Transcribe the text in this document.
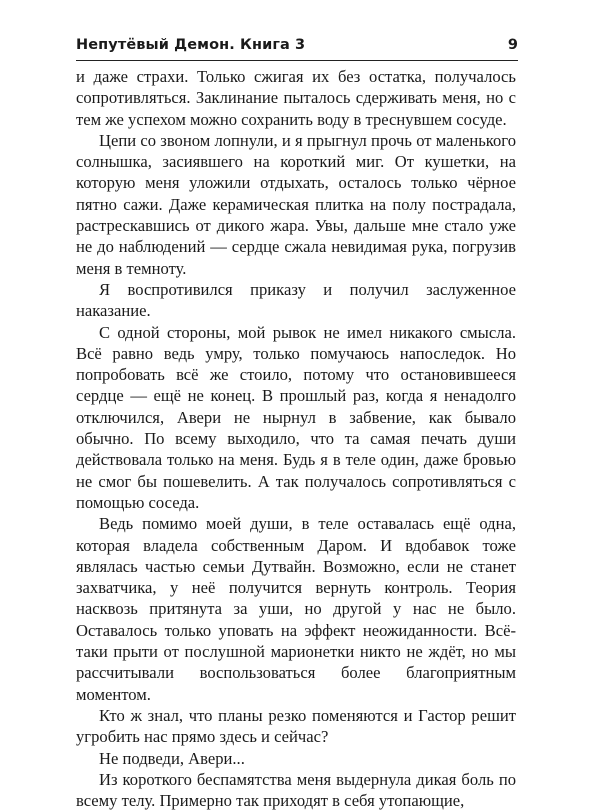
Непутёвый Демон. Книга 3	9

и даже страхи. Только сжигая их без остатка, получалось сопротивляться. Заклинание пыталось сдерживать меня, но с тем же успехом можно сохранить воду в треснувшем сосуде.

Цепи со звоном лопнули, и я прыгнул прочь от маленького солнышка, засиявшего на короткий миг. От кушетки, на которую меня уложили отдыхать, осталось только чёрное пятно сажи. Даже керамическая плитка на полу пострадала, растрескавшись от дикого жара. Увы, дальше мне стало уже не до наблюдений — сердце сжала невидимая рука, погрузив меня в темноту.

Я воспротивился приказу и получил заслуженное наказание.

С одной стороны, мой рывок не имел никакого смысла. Всё равно ведь умру, только помучаюсь напоследок. Но попробовать всё же стоило, потому что остановившееся сердце — ещё не конец. В прошлый раз, когда я ненадолго отключился, Авери не нырнул в забвение, как бывало обычно. По всему выходило, что та самая печать души действовала только на меня. Будь я в теле один, даже бровью не смог бы пошевелить. А так получалось сопротивляться с помощью соседа.

Ведь помимо моей души, в теле оставалась ещё одна, которая владела собственным Даром. И вдобавок тоже являлась частью семьи Дутвайн. Возможно, если не станет захватчика, у неё получится вернуть контроль. Теория насквозь притянута за уши, но другой у нас не было. Оставалось только уповать на эффект неожиданности. Всё-таки прыти от послушной марионетки никто не ждёт, но мы рассчитывали воспользоваться более благоприятным моментом.

Кто ж знал, что планы резко поменяются и Гастор решит угробить нас прямо здесь и сейчас?

Не подведи, Авери...

Из короткого беспамятства меня выдернула дикая боль по всему телу. Примерно так приходят в себя утопающие,
